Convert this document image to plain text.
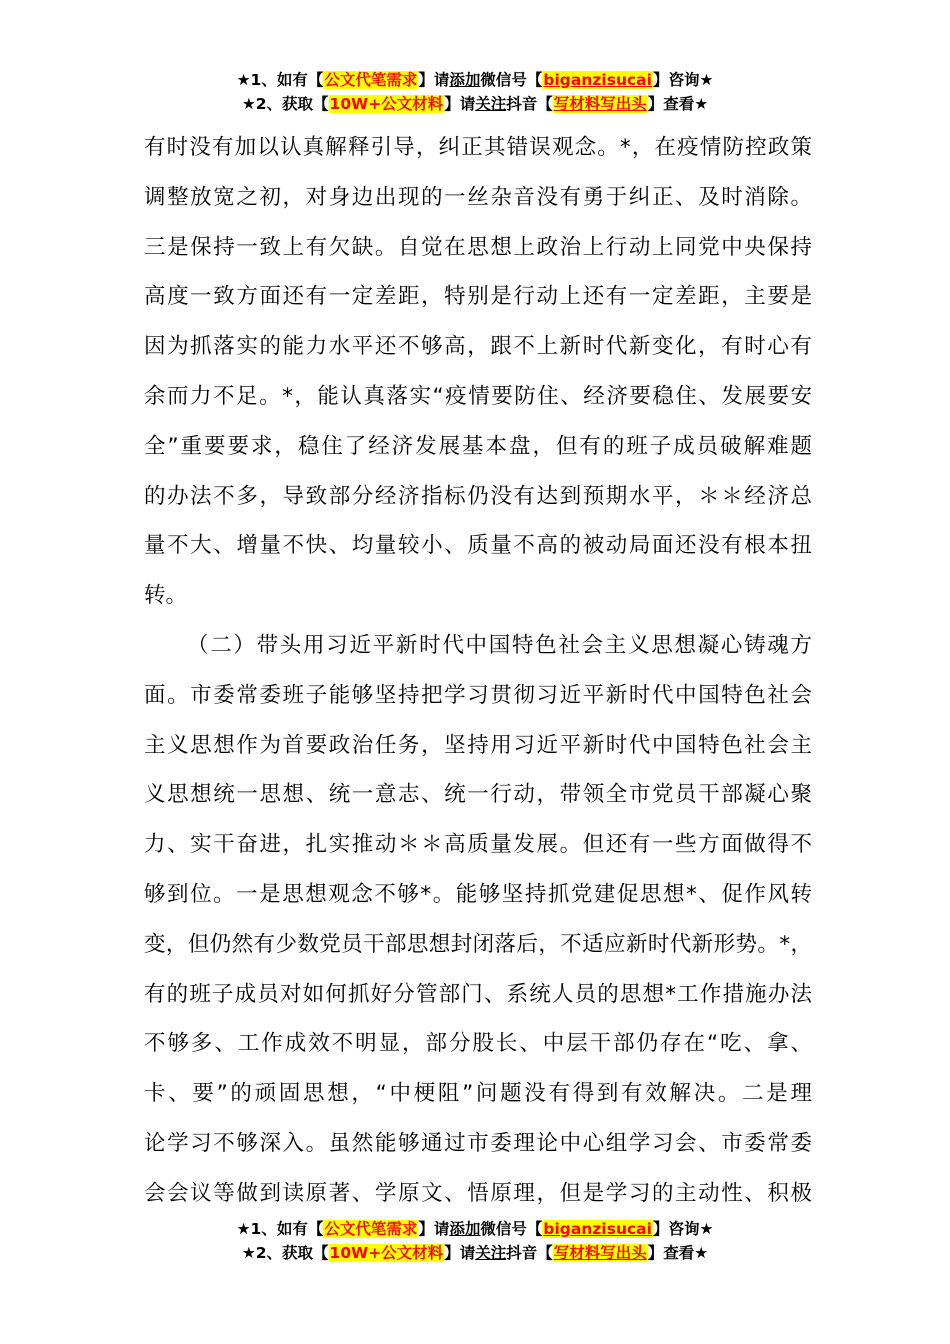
★1、如有【公文代笔需求】请添加微信号【biganzisucai】咨询★
★2、获取【10W+公文材料】请关注抖音【写材料写出头】查看★
有时没有加以认真解释引导，纠正其错误观念。*，在疫情防控政策
调整放宽之初，对身边出现的一丝杂音没有勇于纠正、及时消除。
三是保持一致上有欠缺。自觉在思想上政治上行动上同党中央保持
高度一致方面还有一定差距，特别是行动上还有一定差距，主要是
因为抓落实的能力水平还不够高，跟不上新时代新变化，有时心有
余而力不足。*，能认真落实“疫情要防住、经济要稳住、发展要安
全”重要要求，稳住了经济发展基本盘，但有的班子成员破解难题
的办法不多，导致部分经济指标仍没有达到预期水平，＊＊经济总
量不大、增量不快、均量较小、质量不高的被动局面还没有根本扭
转。
（二）带头用习近平新时代中国特色社会主义思想凝心铸魂方
面。市委常委班子能够坚持把学习贯彻习近平新时代中国特色社会
主义思想作为首要政治任务，坚持用习近平新时代中国特色社会主
义思想统一思想、统一意志、统一行动，带领全市党员干部凝心聚
力、实干奋进，扎实推动＊＊高质量发展。但还有一些方面做得不
够到位。一是思想观念不够*。能够坚持抓党建促思想*、促作风转
变，但仍然有少数党员干部思想封闭落后，不适应新时代新形势。*，
有的班子成员对如何抓好分管部门、系统人员的思想*工作措施办法
不够多、工作成效不明显，部分股长、中层干部仍存在“吃、拿、
卡、要”的顽固思想，“中梗阻”问题没有得到有效解决。二是理
论学习不够深入。虽然能够通过市委理论中心组学习会、市委常委
会会议等做到读原著、学原文、悟原理，但是学习的主动性、积极
★1、如有【公文代笔需求】请添加微信号【biganzisucai】咨询★
★2、获取【10W+公文材料】请关注抖音【写材料写出头】查看★
